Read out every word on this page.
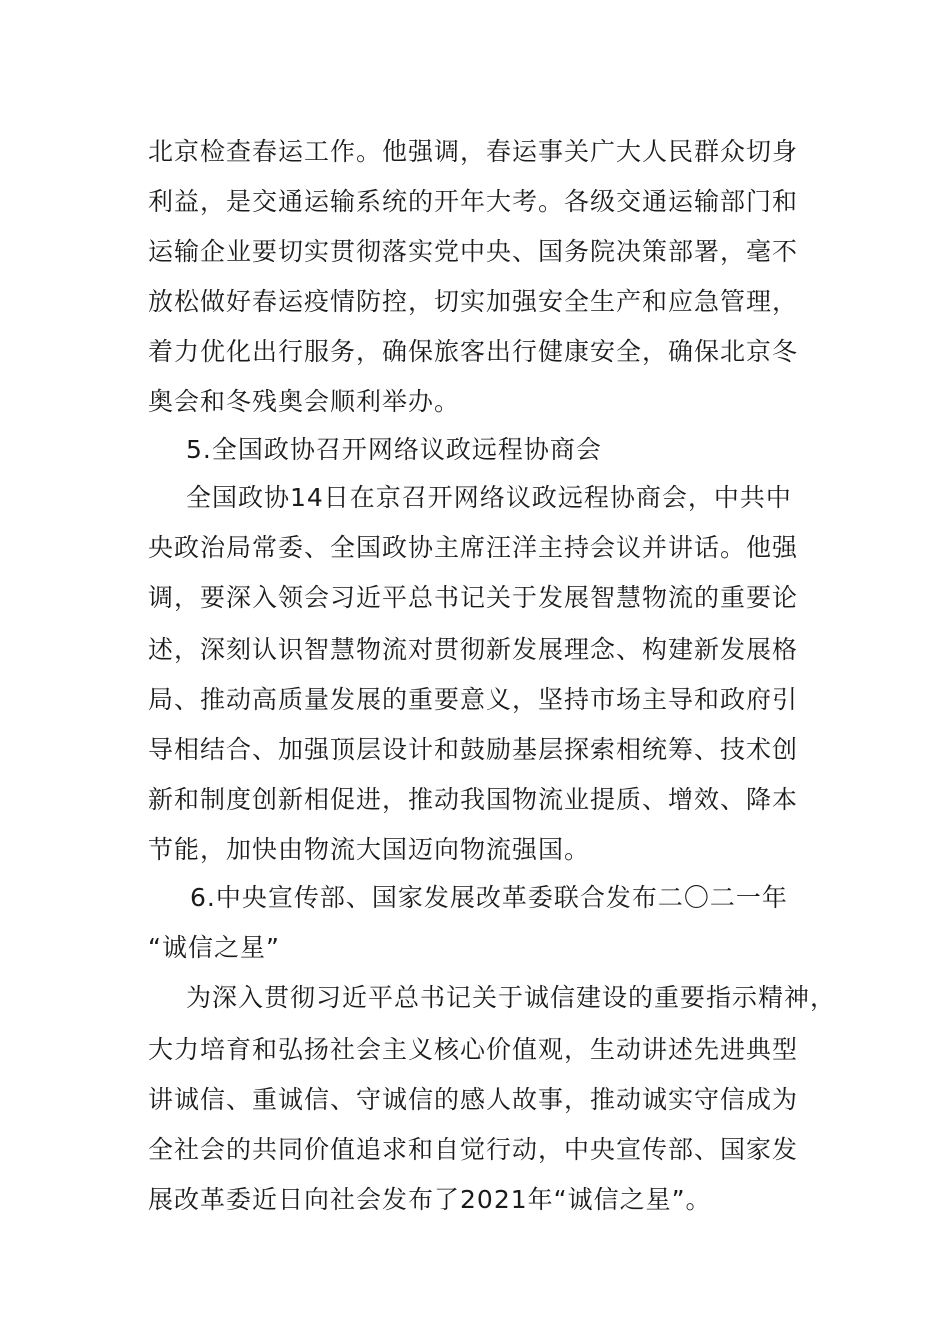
北京检查春运工作。他强调，春运事关广大人民群众切身
利益，是交通运输系统的开年大考。各级交通运输部门和
运输企业要切实贯彻落实党中央、国务院决策部署，毫不
放松做好春运疫情防控，切实加强安全生产和应急管理，
着力优化出行服务，确保旅客出行健康安全，确保北京冬
奥会和冬残奥会顺利举办。
5.全国政协召开网络议政远程协商会
全国政协14日在京召开网络议政远程协商会，中共中
央政治局常委、全国政协主席汪洋主持会议并讲话。他强
调，要深入领会习近平总书记关于发展智慧物流的重要论
述，深刻认识智慧物流对贯彻新发展理念、构建新发展格
局、推动高质量发展的重要意义，坚持市场主导和政府引
导相结合、加强顶层设计和鼓励基层探索相统筹、技术创
新和制度创新相促进，推动我国物流业提质、增效、降本
节能，加快由物流大国迈向物流强国。
6.中央宣传部、国家发展改革委联合发布二〇二一年
“诚信之星”
为深入贯彻习近平总书记关于诚信建设的重要指示精神，
大力培育和弘扬社会主义核心价值观，生动讲述先进典型
讲诚信、重诚信、守诚信的感人故事，推动诚实守信成为
全社会的共同价值追求和自觉行动，中央宣传部、国家发
展改革委近日向社会发布了2021年“诚信之星”。
